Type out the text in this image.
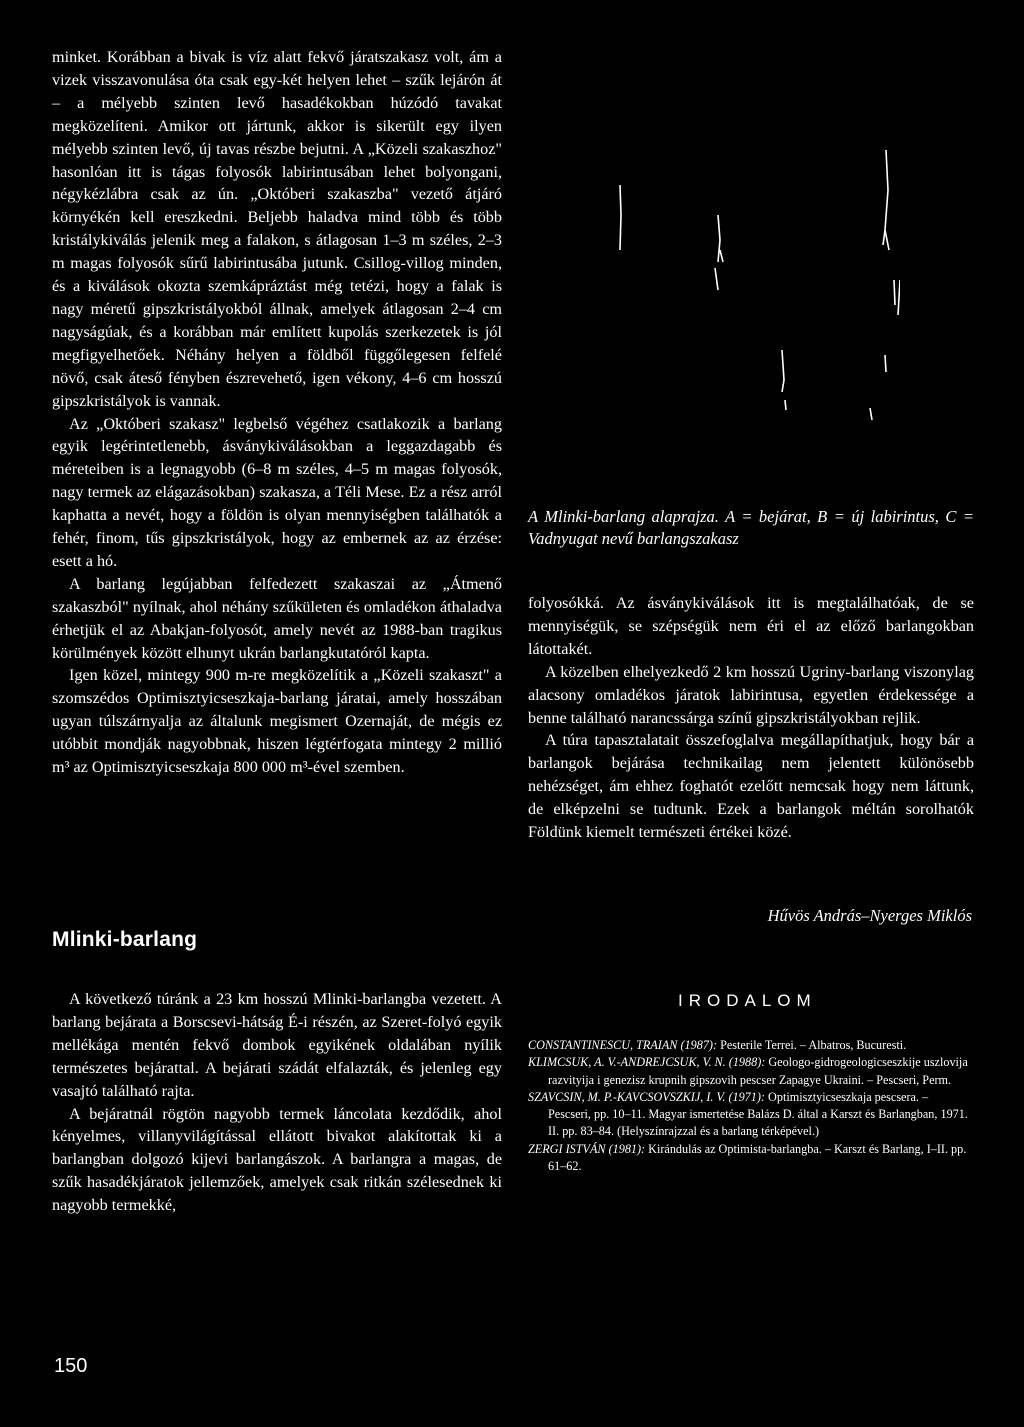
minket. Korábban a bivak is víz alatt fekvő járatszakasz volt, ám a vizek visszavonulása óta csak egy-két helyen lehet – szűk lejárón át – a mélyebb szinten levő hasadékokban húzódó tavakat megközelíteni. Amikor ott jártunk, akkor is sikerült egy ilyen mélyebb szinten levő, új tavas részbe bejutni. A „Közeli szakaszhoz" hasonlóan itt is tágas folyosók labirintusában lehet bolyongani, négykézlábra csak az ún. „Októberi szakaszba" vezető átjáró környékén kell ereszkedni. Beljebb haladva mind több és több kristálykiválás jelenik meg a falakon, s átlagosan 1–3 m széles, 2–3 m magas folyosók sűrű labirintusába jutunk. Csillog-villog minden, és a kiválások okozta szemkápráztást még tetézi, hogy a falak is nagy méretű gipszkristályokból állnak, amelyek átlagosan 2–4 cm nagyságúak, és a korábban már említett kupolás szerkezetek is jól megfigyelhetőek. Néhány helyen a földből függőlegesen felfelé növő, csak áteső fényben észrevehető, igen vékony, 4–6 cm hosszú gipszkristályok is vannak.

Az „Októberi szakasz" legbelső végéhez csatlakozik a barlang egyik legérintetlenebb, ásványkiválásokban a leggazdagabb és méreteiben is a legnagyobb (6–8 m széles, 4–5 m magas folyosók, nagy termek az elágazásokban) szakasza, a Téli Mese. Ez a rész arról kaphatta a nevét, hogy a földön is olyan mennyiségben találhatók a fehér, finom, tűs gipszkristályok, hogy az embernek az az érzése: esett a hó.

A barlang legújabban felfedezett szakaszai az „Átmenő szakaszból" nyílnak, ahol néhány szűkületen és omladékon áthaladva érhetjük el az Abakjan-folyosót, amely nevét az 1988-ban tragikus körülmények között elhunyt ukrán barlangkutatóról kapta.

Igen közel, mintegy 900 m-re megközelítik a „Közeli szakaszt" a szomszédos Optimisztyicseszkaja-barlang járatai, amely hosszában ugyan túlszárnyalja az általunk megismert Ozernaját, de mégis ez utóbbit mondják nagyobbnak, hiszen légtérfogata mintegy 2 millió m³ az Optimisztyicseszkaja 800 000 m³-ével szemben.

A Mlinki-barlang alaprajza. A = bejárat, B = új labirintus, C = Vadnyugat nevű barlangszakasz

folyosókká. Az ásványkiválások itt is megtalálhatóak, de se mennyiségük, se szépségük nem éri el az előző barlangokban látottakét.

A közelben elhelyezkedő 2 km hosszú Ugriny-barlang viszonylag alacsony omladékos járatok labirintusa, egyetlen érdekessége a benne található narancssárga színű gipszkristályokban rejlik.

A túra tapasztalatait összefoglalva megállapíthatjuk, hogy bár a barlangok bejárása technikailag nem jelentett különösebb nehézséget, ám ehhez foghatót ezelőtt nemcsak hogy nem láttunk, de elképzelni se tudtunk. Ezek a barlangok méltán sorolhatók Földünk kiemelt természeti értékei közé.

Hűvös András–Nyerges Miklós
Mlinki-barlang

A következő túránk a 23 km hosszú Mlinki-barlangba vezetett. A barlang bejárata a Borscsevi-hátság É-i részén, az Szeret-folyó egyik mellékága mentén fekvő dombok egyikének oldalában nyílik természetes bejárattal. A bejárati szádát elfalazták, és jelenleg egy vasajtó található rajta.

A bejáratnál rögtön nagyobb termek láncolata kezdődik, ahol kényelmes, villanyvilágítással ellátott bivakot alakítottak ki a barlangban dolgozó kijevi barlangászok. A barlangra a magas, de szűk hasadékjáratok jellemzőek, amelyek csak ritkán szélesednek ki nagyobb termekké,

IRODALOM

CONSTANTINESCU, TRAIAN (1987): Pesterile Terrei. – Albatros, Bucuresti.

KLIMCSUK, A. V.-ANDREJCSUK, V. N. (1988): Geologo-gidrogeologicseszkije uszlovija razvityija i genezisz krupnih gipszovih pescser Zapagye Ukraini. – Pescseri, Perm.

SZAVCSIN, M. P.-KAVCSOVSZKIJ, I. V. (1971): Optimisztyicseszkaja pescsera. – Pescseri, pp. 10–11. Magyar ismertetése Balázs D. által a Karszt és Barlangban, 1971. II. pp. 83–84. (Helyszínrajzzal és a barlang térképével.)

ZERGI ISTVÁN (1981): Kirándulás az Optimista-barlangba. – Karszt és Barlang, I–II. pp. 61–62.

150
